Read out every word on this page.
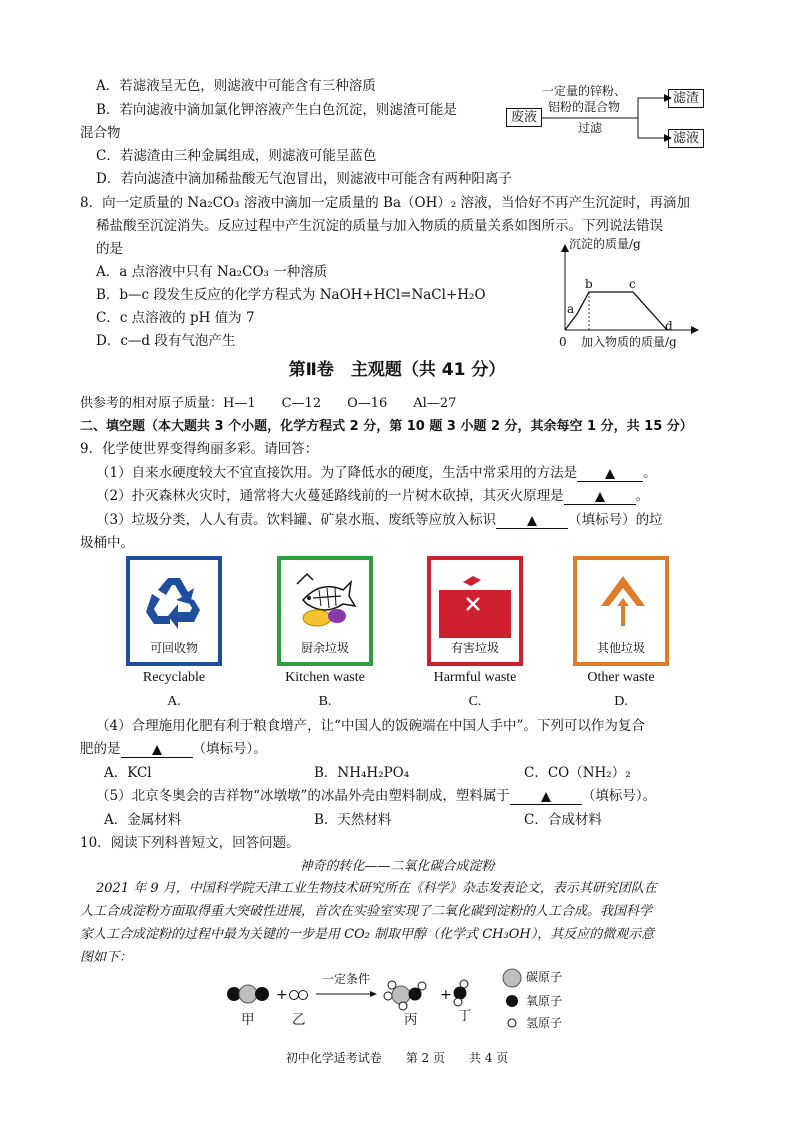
A．若滤液呈无色，则滤液中可能含有三种溶质
B．若向滤液中滴加氯化钾溶液产生白色沉淀，则滤渣可能是
混合物
C．若滤渣由三种金属组成，则滤液可能呈蓝色
D．若向滤渣中滴加稀盐酸无气泡冒出，则滤液中可能含有两种阳离子
废液
一定量的锌粉、
铝粉的混合物
过滤
滤渣
滤液
8．向一定质量的 Na₂CO₃ 溶液中滴加一定质量的 Ba（OH）₂ 溶液，当恰好不再产生沉淀时，再滴加
稀盐酸至沉淀消失。反应过程中产生沉淀的质量与加入物质的质量关系如图所示。下列说法错误
的是
A．a 点溶液中只有 Na₂CO₃ 一种溶质
B．b—c 段发生反应的化学方程式为 NaOH+HCl=NaCl+H₂O
C．c 点溶液的 pH 值为 7
D．c—d 段有气泡产生
沉淀的质量/g
a
b	c
d
0 加入物质的质量/g
第Ⅱ卷　主观题（共 41 分）
供参考的相对原子质量：H—1　　C—12　　O—16　　Al—27
二、填空题（本大题共 3 个小题，化学方程式 2 分，第 10 题 3 小题 2 分，其余每空 1 分，共 15 分）
9．化学使世界变得绚丽多彩。请回答：
（1）自来水硬度较大不宜直接饮用。为了降低水的硬度，生活中常采用的方法是	。
（2）扑灭森林火灾时，通常将大火蔓延路线前的一片树木砍掉，其灭火原理是	。
（3）垃圾分类，人人有责。饮料罐、矿泉水瓶、废纸等应放入标识	（填标号）的垃
圾桶中。
可回收物	厨余垃圾	有害垃圾	其他垃圾
Recyclable	Kitchen waste	Harmful waste	Other waste
A.	B.	C.	D.
（4）合理施用化肥有利于粮食增产，让“中国人的饭碗端在中国人手中”。下列可以作为复合
肥的是	（填标号）。
A．KCl	B．NH₄H₂PO₄	C．CO（NH₂）₂
（5）北京冬奥会的吉祥物“冰墩墩”的冰晶外壳由塑料制成，塑料属于	（填标号）。
A．金属材料	B．天然材料	C．合成材料
10．阅读下列科普短文，回答问题。
神奇的转化——二氧化碳合成淀粉
2021 年 9 月，中国科学院天津工业生物技术研究所在《科学》杂志发表论文，表示其研究团队在
人工合成淀粉方面取得重大突破性进展，首次在实验室实现了二氧化碳到淀粉的人工合成。我国科学
家人工合成淀粉的过程中最为关键的一步是用 CO₂ 制取甲醇（化学式 CH₃OH），其反应的微观示意
图如下：
+	+
一定条件
甲	乙	丙	丁
碳原子
氧原子
氢原子
初中化学适考试卷　　第 2 页　　共 4 页
